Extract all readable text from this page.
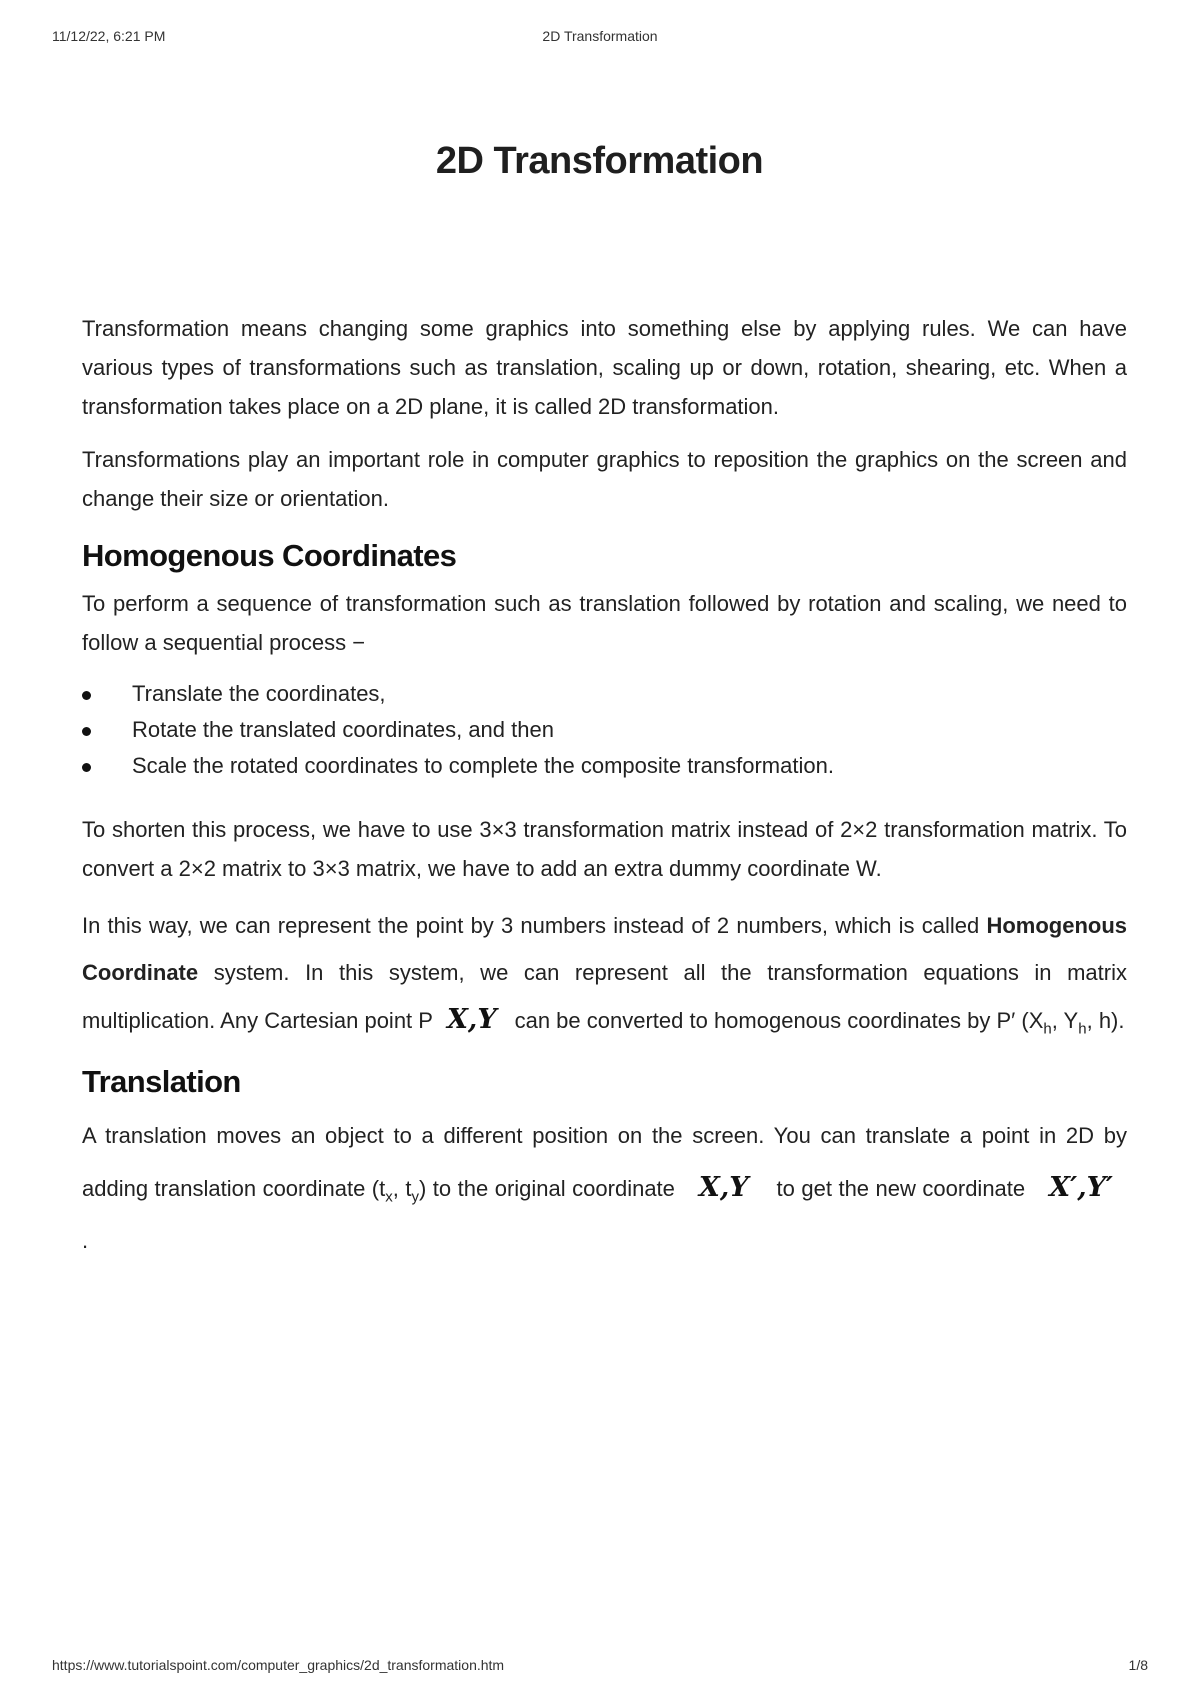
11/12/22, 6:21 PM	2D Transformation
2D Transformation

Transformation means changing some graphics into something else by applying rules. We can have various types of transformations such as translation, scaling up or down, rotation, shearing, etc. When a transformation takes place on a 2D plane, it is called 2D transformation.

Transformations play an important role in computer graphics to reposition the graphics on the screen and change their size or orientation.

Homogenous Coordinates

To perform a sequence of transformation such as translation followed by rotation and scaling, we need to follow a sequential process −

Translate the coordinates,
Rotate the translated coordinates, and then
Scale the rotated coordinates to complete the composite transformation.

To shorten this process, we have to use 3×3 transformation matrix instead of 2×2 transformation matrix. To convert a 2×2 matrix to 3×3 matrix, we have to add an extra dummy coordinate W.

In this way, we can represent the point by 3 numbers instead of 2 numbers, which is called Homogenous Coordinate system. In this system, we can represent all the transformation equations in matrix multiplication. Any Cartesian point P X,Y can be converted to homogenous coordinates by P′ ($X_h$, $Y_h$, h).

Translation

A translation moves an object to a different position on the screen. You can translate a point in 2D by adding translation coordinate ($t_x$, $t_y$) to the original coordinate X,Y to get the new coordinate X′,Y′.

https://www.tutorialspoint.com/computer_graphics/2d_transformation.htm	1/8
